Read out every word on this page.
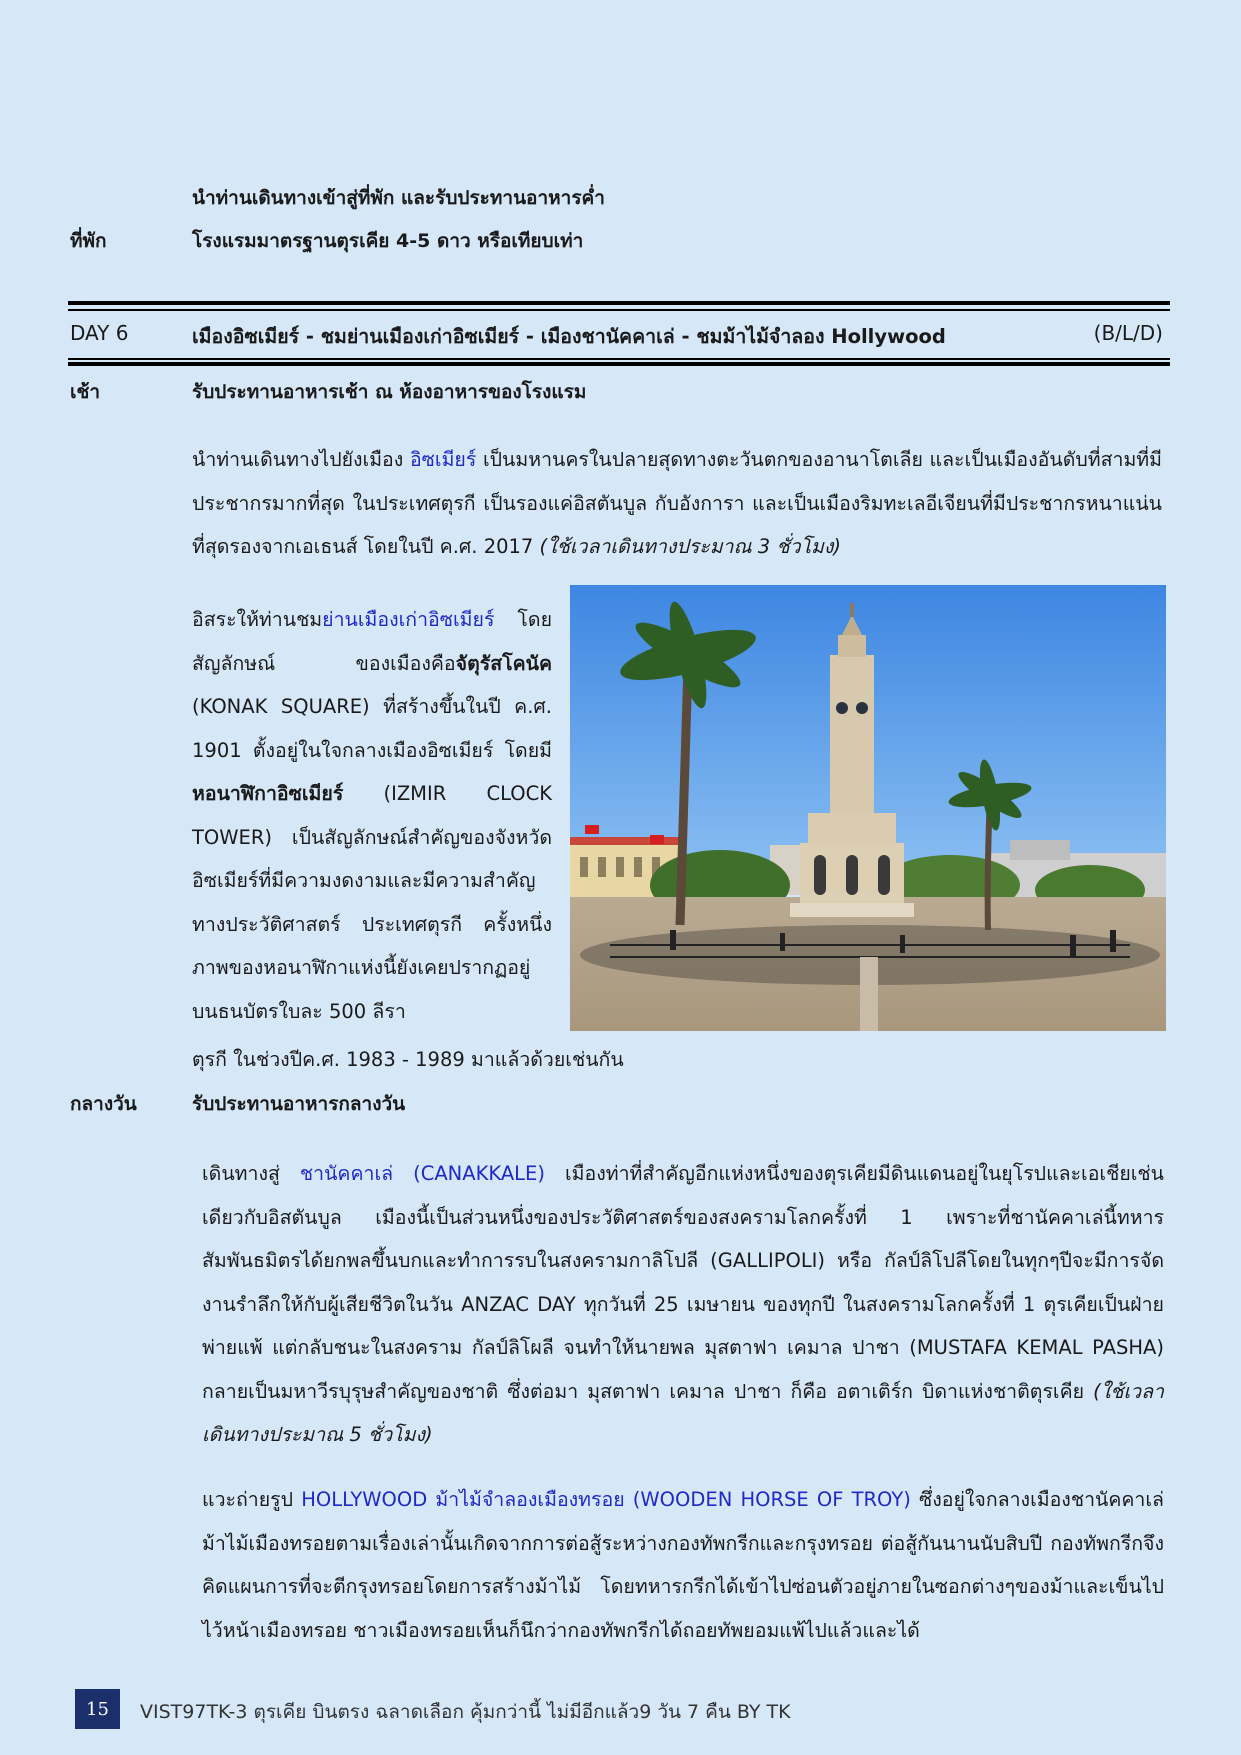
นำท่านเดินทางเข้าสู่ที่พัก และรับประทานอาหารค่ำ
ที่พัก	โรงแรมมาตรฐานตุรเคีย 4-5 ดาว หรือเทียบเท่า
DAY 6	เมืองอิซเมียร์ - ชมย่านเมืองเก่าอิซเมียร์ - เมืองชานัคคาเล่ - ชมม้าไม้จำลอง Hollywood	(B/L/D)
เช้า	รับประทานอาหารเช้า ณ ห้องอาหารของโรงแรม

นำท่านเดินทางไปยังเมือง อิซเมียร์ เป็นมหานครในปลายสุดทางตะวันตกของอานาโตเลีย และเป็นเมืองอันดับที่สามที่มีประชากรมากที่สุด ในประเทศตุรกี เป็นรองแค่อิสตันบูล กับอังการา และเป็นเมืองริมทะเลอีเจียนที่มีประชากรหนาแน่นที่สุดรองจากเอเธนส์ โดยในปี ค.ศ. 2017 (ใช้เวลาเดินทางประมาณ 3 ชั่วโมง)

อิสระให้ท่านชมย่านเมืองเก่าอิซเมียร์ โดยสัญลักษณ์ ของเมืองคือจัตุรัสโคนัค (KONAK SQUARE) ที่สร้างขึ้นในปี ค.ศ. 1901 ตั้งอยู่ในใจกลางเมืองอิซเมียร์ โดยมีหอนาฬิกาอิซเมียร์ (IZMIR CLOCK TOWER) เป็นสัญลักษณ์สำคัญของจังหวัดอิซเมียร์ที่มีความงดงามและมีความสำคัญทางประวัติศาสตร์ ประเทศตุรกี ครั้งหนึ่งภาพของหอนาฬิกาแห่งนี้ยังเคยปรากฏอยู่บนธนบัตรใบละ 500 ลีรา

ตุรกี ในช่วงปีค.ศ. 1983 - 1989 มาแล้วด้วยเช่นกัน
กลางวัน	รับประทานอาหารกลางวัน

เดินทางสู่ ชานัคคาเล่ (CANAKKALE) เมืองท่าที่สำคัญอีกแห่งหนึ่งของตุรเคียมีดินแดนอยู่ในยุโรปและเอเชียเช่นเดียวกับอิสตันบูล เมืองนี้เป็นส่วนหนึ่งของประวัติศาสตร์ของสงครามโลกครั้งที่ 1 เพราะที่ชานัคคาเล่นี้ทหารสัมพันธมิตรได้ยกพลขึ้นบกและทำการรบในสงครามกาลิโปลี (GALLIPOLI) หรือ กัลป์ลิโปลีโดยในทุกๆปีจะมีการจัดงานรำลึกให้กับผู้เสียชีวิตในวัน ANZAC DAY ทุกวันที่ 25 เมษายน ของทุกปี ในสงครามโลกครั้งที่ 1 ตุรเคียเป็นฝ่ายพ่ายแพ้ แต่กลับชนะในสงคราม กัลป์ลิโผลี จนทำให้นายพล มุสตาฟา เคมาล ปาชา (MUSTAFA KEMAL PASHA) กลายเป็นมหาวีรบุรุษสำคัญของชาติ ซึ่งต่อมา มุสตาฟา เคมาล ปาชา ก็คือ อตาเติร์ก บิดาแห่งชาติตุรเคีย (ใช้เวลาเดินทางประมาณ 5 ชั่วโมง)

แวะถ่ายรูป HOLLYWOOD ม้าไม้จำลองเมืองทรอย (WOODEN HORSE OF TROY) ซึ่งอยู่ใจกลางเมืองชานัคคาเล่ ม้าไม้เมืองทรอยตามเรื่องเล่านั้นเกิดจากการต่อสู้ระหว่างกองทัพกรีกและกรุงทรอย ต่อสู้กันนานนับสิบปี กองทัพกรีกจึงคิดแผนการที่จะตีกรุงทรอยโดยการสร้างม้าไม้ โดยทหารกรีกได้เข้าไปซ่อนตัวอยู่ภายในซอกต่างๆของม้าและเข็นไปไว้หน้าเมืองทรอย ชาวเมืองทรอยเห็นก็นึกว่ากองทัพกรีกได้ถอยทัพยอมแพ้ไปแล้วและได้

15	VIST97TK-3 ตุรเคีย บินตรง ฉลาดเลือก คุ้มกว่านี้ ไม่มีอีกแล้ว9 วัน 7 คืน BY TK
